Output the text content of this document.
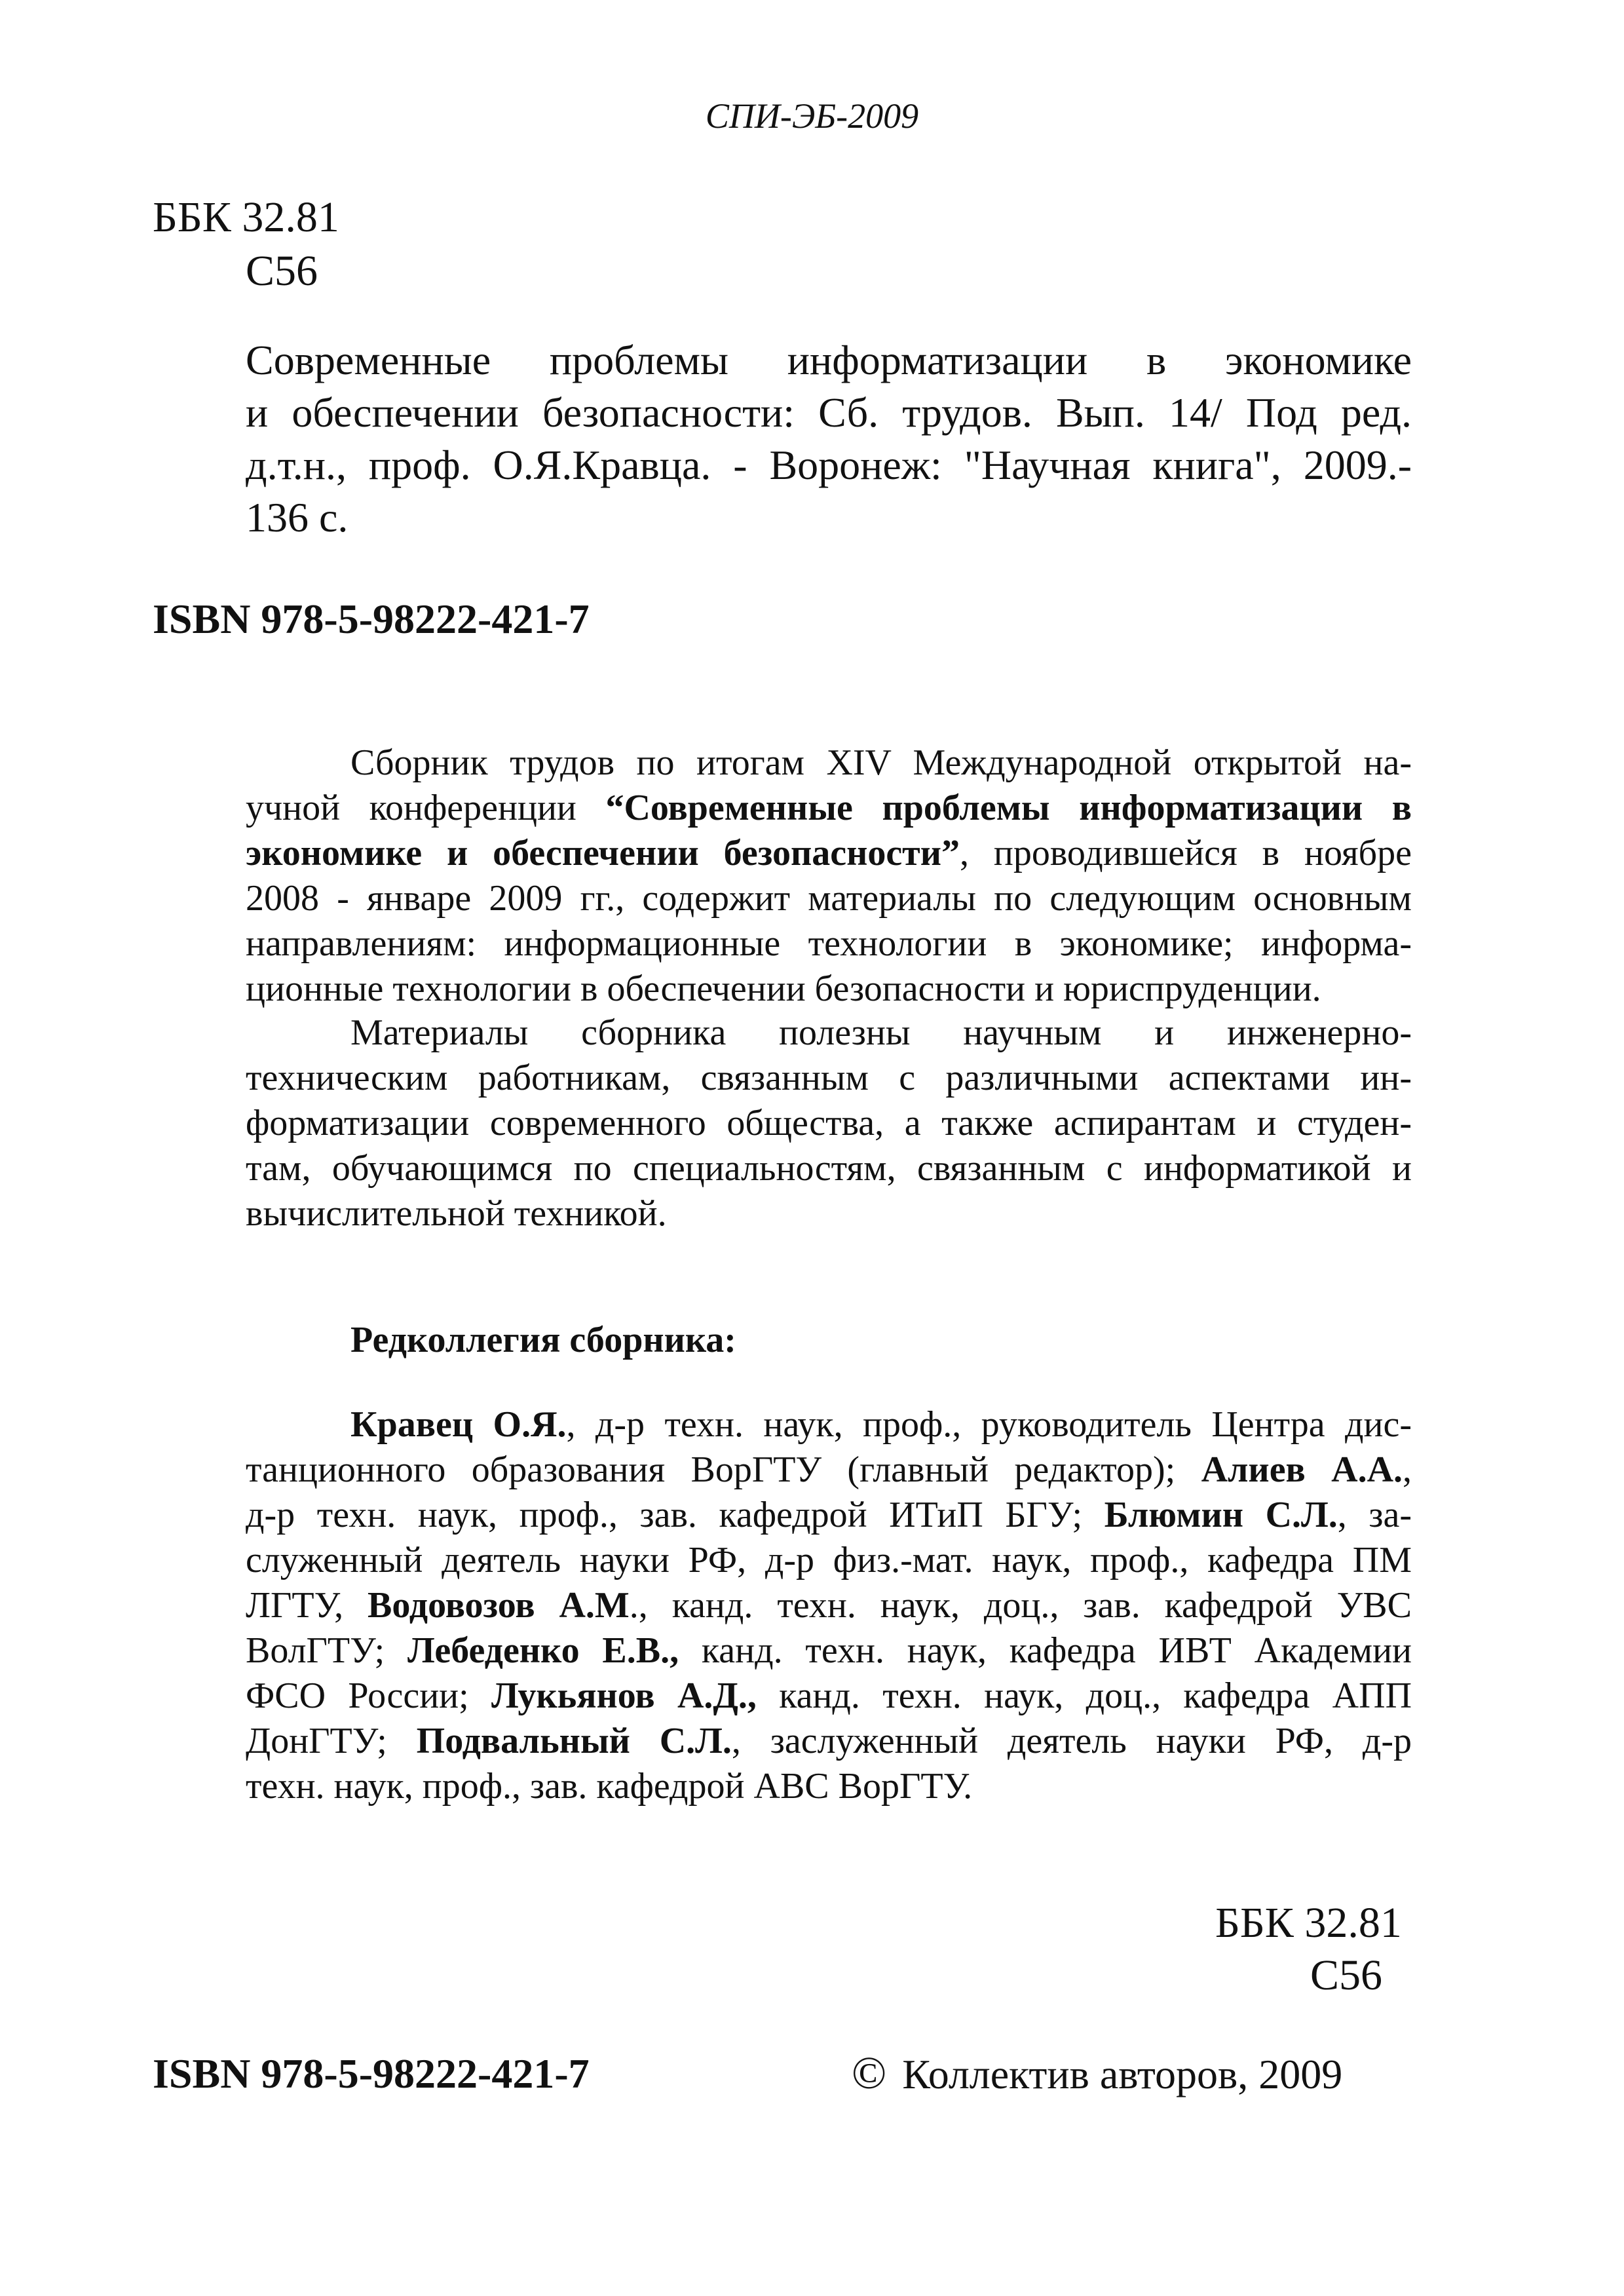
СПИ-ЭБ-2009
ББК 32.81
С56
Современные проблемы информатизации в экономике
и обеспечении безопасности: Сб. трудов. Вып. 14/ Под ред.
д.т.н., проф. О.Я.Кравца. - Воронеж: "Научная книга", 2009.-
136 с.
ISBN 978-5-98222-421-7
Сборник трудов по итогам XIV Международной открытой на-
учной конференции “Современные проблемы информатизации в
экономике и обеспечении безопасности”, проводившейся в ноябре
2008 - январе 2009 гг., содержит материалы по следующим основным
направлениям: информационные технологии в экономике; информа-
ционные технологии в обеспечении безопасности и юриспруденции.
Материалы сборника полезны научным и инженерно-
техническим работникам, связанным с различными аспектами ин-
форматизации современного общества, а также аспирантам и студен-
там, обучающимся по специальностям, связанным с информатикой и
вычислительной техникой.
Редколлегия сборника:
Кравец О.Я., д-р техн. наук, проф., руководитель Центра дис-
танционного образования ВорГТУ (главный редактор); Алиев А.А.,
д-р техн. наук, проф., зав. кафедрой ИТиП БГУ; Блюмин С.Л., за-
служенный деятель науки РФ, д-р физ.-мат. наук, проф., кафедра ПМ
ЛГТУ, Водовозов А.М., канд. техн. наук, доц., зав. кафедрой УВС
ВолГТУ; Лебеденко Е.В., канд. техн. наук, кафедра ИВТ Академии
ФСО России; Лукьянов А.Д., канд. техн. наук, доц., кафедра АПП
ДонГТУ; Подвальный С.Л., заслуженный деятель науки РФ, д-р
техн. наук, проф., зав. кафедрой АВС ВорГТУ.
ББК 32.81
С56
ISBN 978-5-98222-421-7	© Коллектив авторов, 2009
